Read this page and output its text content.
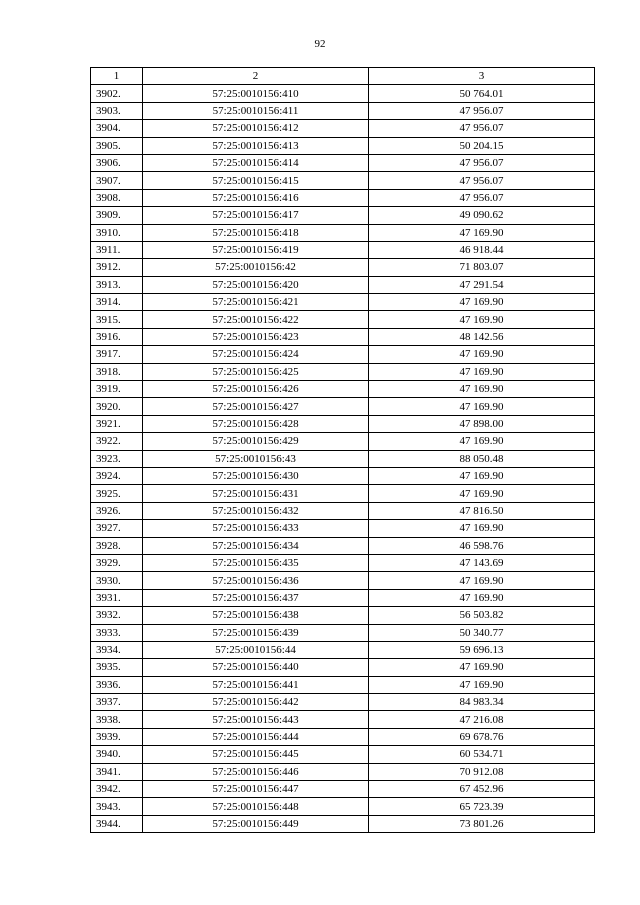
92
1	2	3
3902.	57:25:0010156:410	50 764.01
3903.	57:25:0010156:411	47 956.07
3904.	57:25:0010156:412	47 956.07
3905.	57:25:0010156:413	50 204.15
3906.	57:25:0010156:414	47 956.07
3907.	57:25:0010156:415	47 956.07
3908.	57:25:0010156:416	47 956.07
3909.	57:25:0010156:417	49 090.62
3910.	57:25:0010156:418	47 169.90
3911.	57:25:0010156:419	46 918.44
3912.	57:25:0010156:42	71 803.07
3913.	57:25:0010156:420	47 291.54
3914.	57:25:0010156:421	47 169.90
3915.	57:25:0010156:422	47 169.90
3916.	57:25:0010156:423	48 142.56
3917.	57:25:0010156:424	47 169.90
3918.	57:25:0010156:425	47 169.90
3919.	57:25:0010156:426	47 169.90
3920.	57:25:0010156:427	47 169.90
3921.	57:25:0010156:428	47 898.00
3922.	57:25:0010156:429	47 169.90
3923.	57:25:0010156:43	88 050.48
3924.	57:25:0010156:430	47 169.90
3925.	57:25:0010156:431	47 169.90
3926.	57:25:0010156:432	47 816.50
3927.	57:25:0010156:433	47 169.90
3928.	57:25:0010156:434	46 598.76
3929.	57:25:0010156:435	47 143.69
3930.	57:25:0010156:436	47 169.90
3931.	57:25:0010156:437	47 169.90
3932.	57:25:0010156:438	56 503.82
3933.	57:25:0010156:439	50 340.77
3934.	57:25:0010156:44	59 696.13
3935.	57:25:0010156:440	47 169.90
3936.	57:25:0010156:441	47 169.90
3937.	57:25:0010156:442	84 983.34
3938.	57:25:0010156:443	47 216.08
3939.	57:25:0010156:444	69 678.76
3940.	57:25:0010156:445	60 534.71
3941.	57:25:0010156:446	70 912.08
3942.	57:25:0010156:447	67 452.96
3943.	57:25:0010156:448	65 723.39
3944.	57:25:0010156:449	73 801.26
